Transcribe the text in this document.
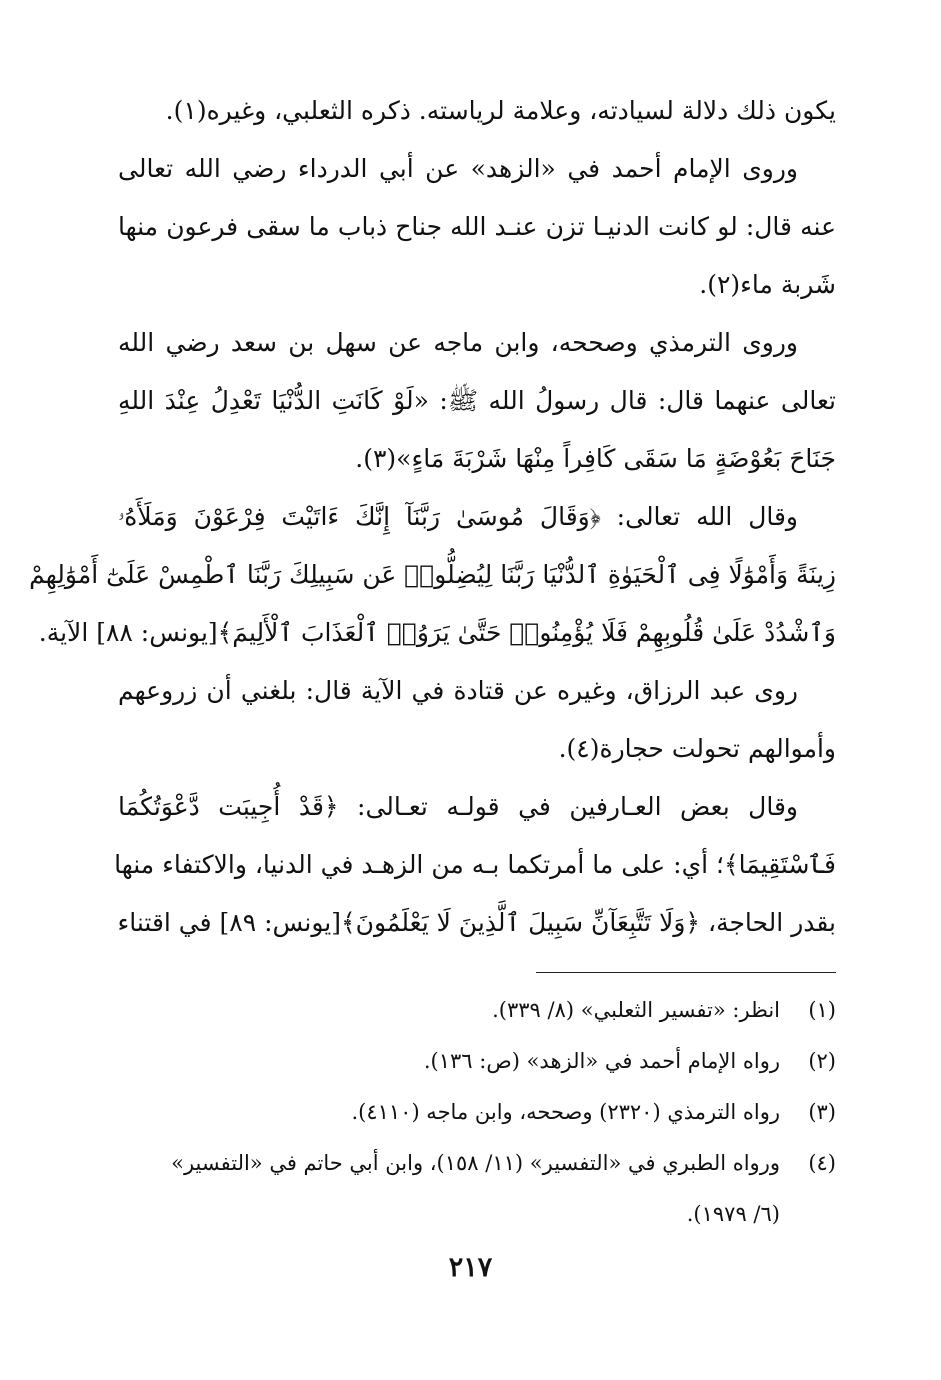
يكون ذلك دلالة لسيادته، وعلامة لرياسته. ذكره الثعلبي، وغيره(١).

وروى الإمام أحمد في «الزهد» عن أبي الدرداء رضي الله تعالى
عنه قال: لو كانت الدنيـا تزن عنـد الله جناح ذباب ما سقى فرعون منها
شَربة ماء(٢).

وروى الترمذي وصححه، وابن ماجه عن سهل بن سعد رضي الله
تعالى عنهما قال: قال رسولُ الله ﷺ: «لَوْ كَانَتِ الدُّنْيَا تَعْدِلُ عِنْدَ اللهِ
جَنَاحَ بَعُوْضَةٍ مَا سَقَى كَافِراً مِنْهَا شَرْبَةَ مَاءٍ»(٣).

وقال الله تعالى: ﴿وَقَالَ مُوسَىٰ رَبَّنَآ إِنَّكَ ءَاتَيْتَ فِرْعَوْنَ وَمَلَأَهُۥ
زِينَةً وَأَمْوَٰلًا فِى ٱلْحَيَوٰةِ ٱلدُّنْيَا رَبَّنَا لِيُضِلُّوا۟ عَن سَبِيلِكَ رَبَّنَا ٱطْمِسْ عَلَىٰٓ أَمْوَٰلِهِمْ
وَٱشْدُدْ عَلَىٰ قُلُوبِهِمْ فَلَا يُؤْمِنُوا۟ حَتَّىٰ يَرَوُا۟ ٱلْعَذَابَ ٱلْأَلِيمَ﴾[يونس: ٨٨] الآية.

روى عبد الرزاق، وغيره عن قتادة في الآية قال: بلغني أن زروعهم
وأموالهم تحولت حجارة(٤).

وقال بعض العـارفين في قولـه تعـالى: ﴿قَدْ أُجِيبَت دَّعْوَتُكُمَا
فَٱسْتَقِيمَا﴾؛ أي: على ما أمرتكما بـه من الزهـد في الدنيا، والاكتفاء منها
بقدر الحاجة، ﴿وَلَا تَتَّبِعَآنِّ سَبِيلَ ٱلَّذِينَ لَا يَعْلَمُونَ﴾[يونس: ٨٩] في اقتناء

(١)
انظر: «تفسير الثعلبي» (٨/ ٣٣٩).
(٢)
رواه الإمام أحمد في «الزهد» (ص: ١٣٦).
(٣)
رواه الترمذي (٢٣٢٠) وصححه، وابن ماجه (٤١١٠).
(٤)
ورواه الطبري في «التفسير» (١١/ ١٥٨)، وابن أبي حاتم في «التفسير»
(٦/ ١٩٧٩).
٢١٧
